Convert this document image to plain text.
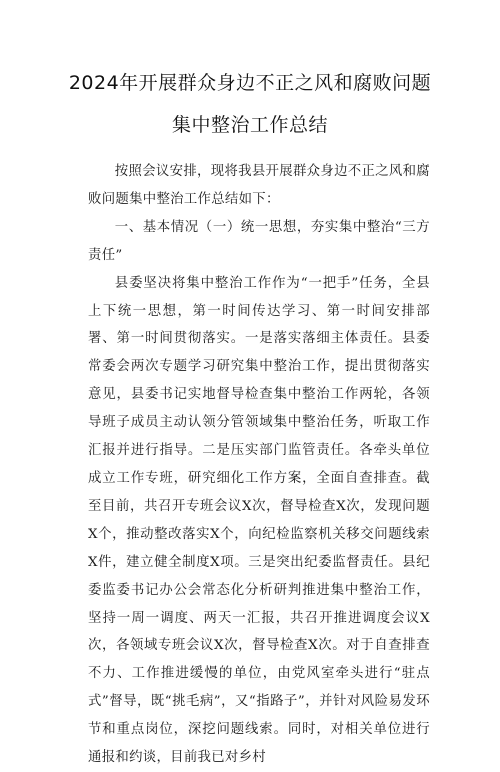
2024年开展群众身边不正之风和腐败问题
集中整治工作总结

按照会议安排，现将我县开展群众身边不正之风和腐败问题集中整治工作总结如下：

一、基本情况（一）统一思想，夯实集中整治“三方责任”

县委坚决将集中整治工作作为“一把手”任务，全县上下统一思想，第一时间传达学习、第一时间安排部署、第一时间贯彻落实。一是落实落细主体责任。县委常委会两次专题学习研究集中整治工作，提出贯彻落实意见，县委书记实地督导检查集中整治工作两轮，各领导班子成员主动认领分管领域集中整治任务，听取工作汇报并进行指导。二是压实部门监管责任。各牵头单位成立工作专班，研究细化工作方案，全面自查排查。截至目前，共召开专班会议X次，督导检查X次，发现问题X个，推动整改落实X个，向纪检监察机关移交问题线索X件，建立健全制度X项。三是突出纪委监督责任。县纪委监委书记办公会常态化分析研判推进集中整治工作，坚持一周一调度、两天一汇报，共召开推进调度会议X次，各领域专班会议X次，督导检查X次。对于自查排查不力、工作推进缓慢的单位，由党风室牵头进行“驻点式”督导，既“挑毛病”，又“指路子”，并针对风险易发环节和重点岗位，深挖问题线索。同时，对相关单位进行通报和约谈，目前我已对乡村
